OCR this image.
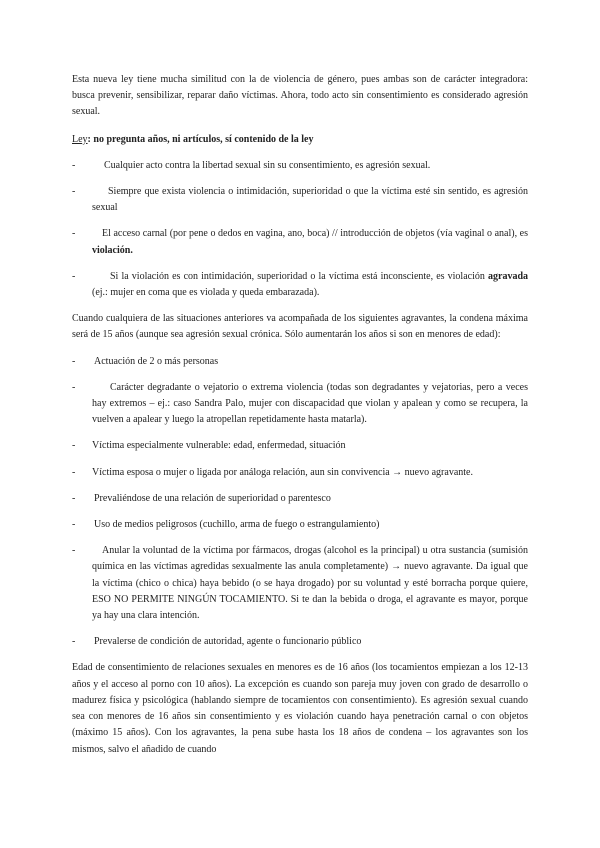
Esta nueva ley tiene mucha similitud con la de violencia de género, pues ambas son de carácter integradora: busca prevenir, sensibilizar, reparar daño víctimas. Ahora, todo acto sin consentimiento es considerado agresión sexual.

Ley: no pregunta años, ni artículos, sí contenido de la ley

-	Cualquier acto contra la libertad sexual sin su consentimiento, es agresión sexual.

-	Siempre que exista violencia o intimidación, superioridad o que la víctima esté sin sentido, es agresión sexual

-	El acceso carnal (por pene o dedos en vagina, ano, boca) // introducción de objetos (vía vaginal o anal), es violación.

-	Si la violación es con intimidación, superioridad o la víctima está inconsciente, es violación agravada (ej.: mujer en coma que es violada y queda embarazada).

Cuando cualquiera de las situaciones anteriores va acompañada de los siguientes agravantes, la condena máxima será de 15 años (aunque sea agresión sexual crónica. Sólo aumentarán los años si son en menores de edad):

-	Actuación de 2 o más personas

-	Carácter degradante o vejatorio o extrema violencia (todas son degradantes y vejatorias, pero a veces hay extremos – ej.: caso Sandra Palo, mujer con discapacidad que violan y apalean y como se recupera, la vuelven a apalear y luego la atropellan repetidamente hasta matarla).

-	Víctima especialmente vulnerable: edad, enfermedad, situación

-	Víctima esposa o mujer o ligada por análoga relación, aun sin convivencia → nuevo agravante.

-	Prevaliéndose de una relación de superioridad o parentesco

-	Uso de medios peligrosos (cuchillo, arma de fuego o estrangulamiento)

-	Anular la voluntad de la víctima por fármacos, drogas (alcohol es la principal) u otra sustancia (sumisión química en las víctimas agredidas sexualmente las anula completamente) → nuevo agravante. Da igual que la víctima (chico o chica) haya bebido (o se haya drogado) por su voluntad y esté borracha porque quiere, ESO NO PERMITE NINGÚN TOCAMIENTO. Si te dan la bebida o droga, el agravante es mayor, porque ya hay una clara intención.

-	Prevalerse de condición de autoridad, agente o funcionario público

Edad de consentimiento de relaciones sexuales en menores es de 16 años (los tocamientos empiezan a los 12-13 años y el acceso al porno con 10 años). La excepción es cuando son pareja muy joven con grado de desarrollo o madurez física y psicológica (hablando siempre de tocamientos con consentimiento). Es agresión sexual cuando sea con menores de 16 años sin consentimiento y es violación cuando haya penetración carnal o con objetos (máximo 15 años). Con los agravantes, la pena sube hasta los 18 años de condena – los agravantes son los mismos, salvo el añadido de cuando
